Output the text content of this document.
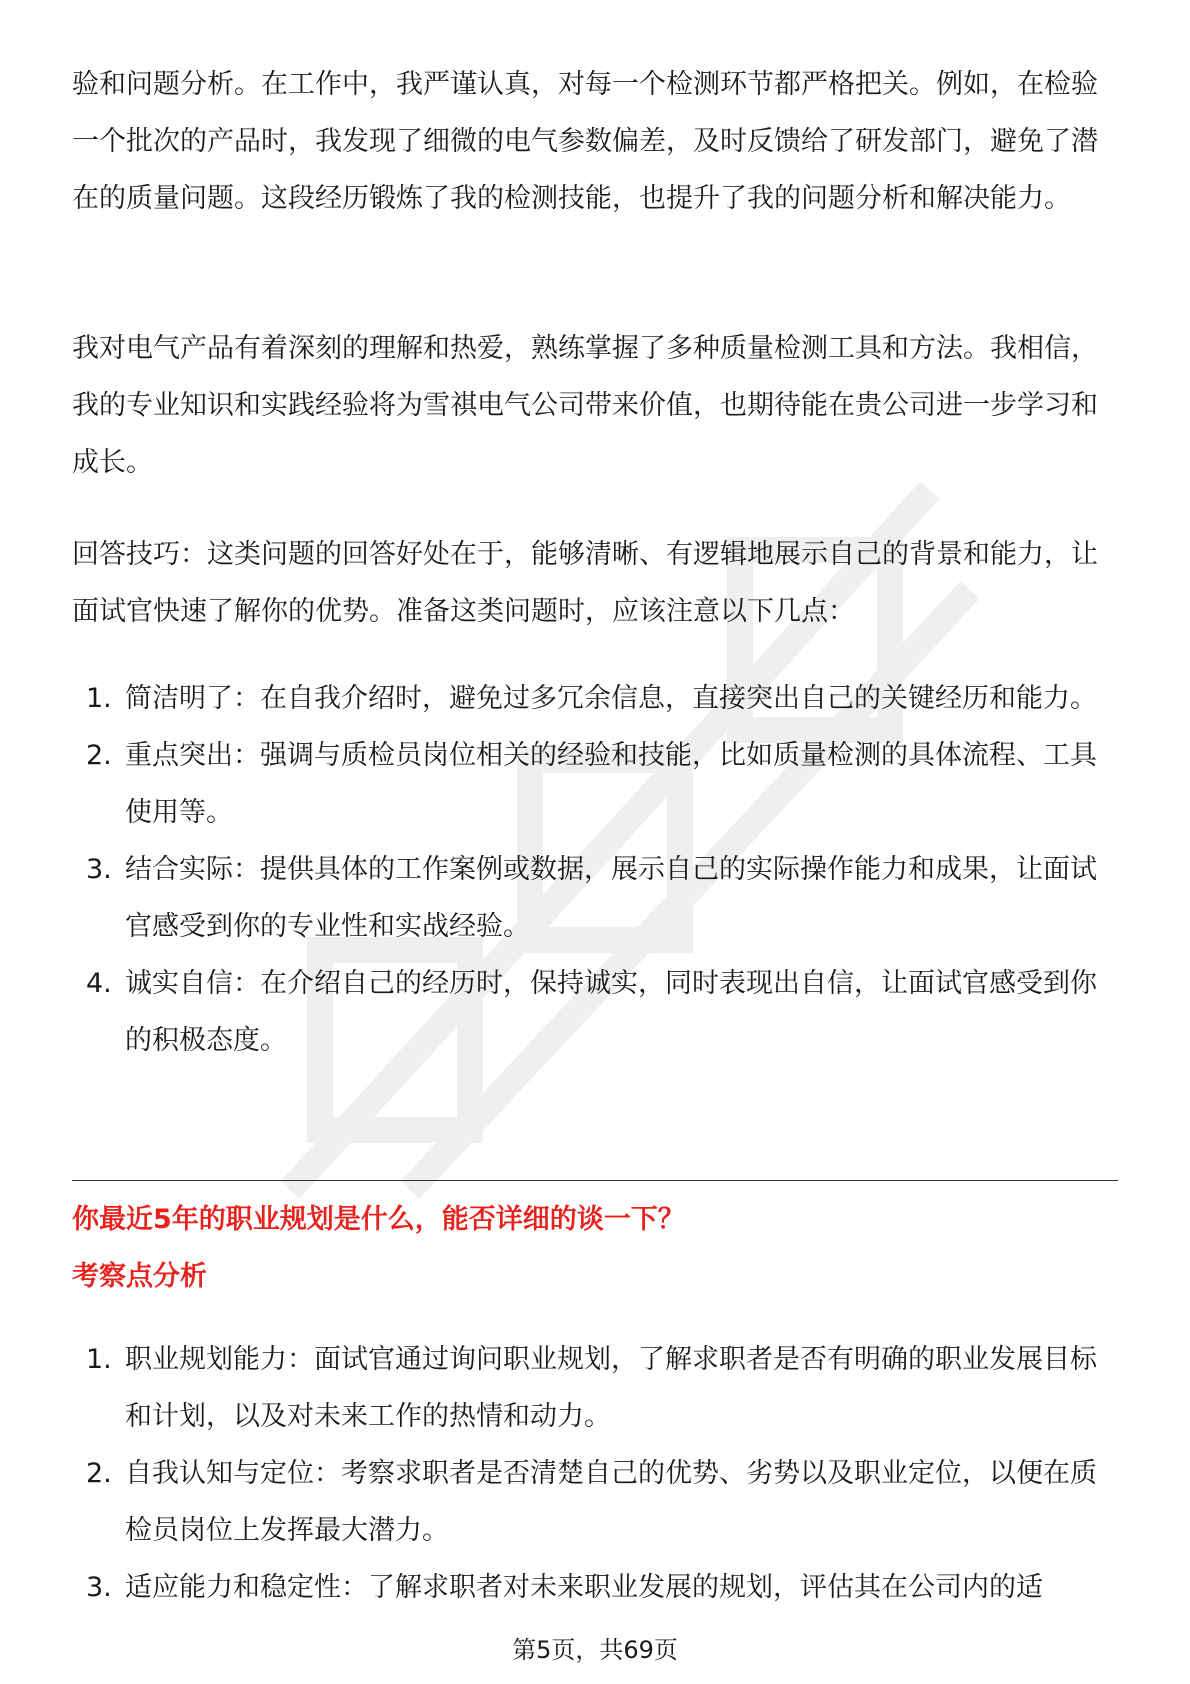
验和问题分析。在工作中，我严谨认真，对每一个检测环节都严格把关。例如，在检验一个批次的产品时，我发现了细微的电气参数偏差，及时反馈给了研发部门，避免了潜在的质量问题。这段经历锻炼了我的检测技能，也提升了我的问题分析和解决能力。

我对电气产品有着深刻的理解和热爱，熟练掌握了多种质量检测工具和方法。我相信，我的专业知识和实践经验将为雪祺电气公司带来价值，也期待能在贵公司进一步学习和成长。

回答技巧：这类问题的回答好处在于，能够清晰、有逻辑地展示自己的背景和能力，让面试官快速了解你的优势。准备这类问题时，应该注意以下几点：

1. 简洁明了：在自我介绍时，避免过多冗余信息，直接突出自己的关键经历和能力。
2. 重点突出：强调与质检员岗位相关的经验和技能，比如质量检测的具体流程、工具使用等。
3. 结合实际：提供具体的工作案例或数据，展示自己的实际操作能力和成果，让面试官感受到你的专业性和实战经验。
4. 诚实自信：在介绍自己的经历时，保持诚实，同时表现出自信，让面试官感受到你的积极态度。
你最近5年的职业规划是什么，能否详细的谈一下？
考察点分析
1. 职业规划能力：面试官通过询问职业规划，了解求职者是否有明确的职业发展目标和计划，以及对未来工作的热情和动力。
2. 自我认知与定位：考察求职者是否清楚自己的优势、劣势以及职业定位，以便在质检员岗位上发挥最大潜力。
3. 适应能力和稳定性：了解求职者对未来职业发展的规划，评估其在公司内的适
第5页，共69页
